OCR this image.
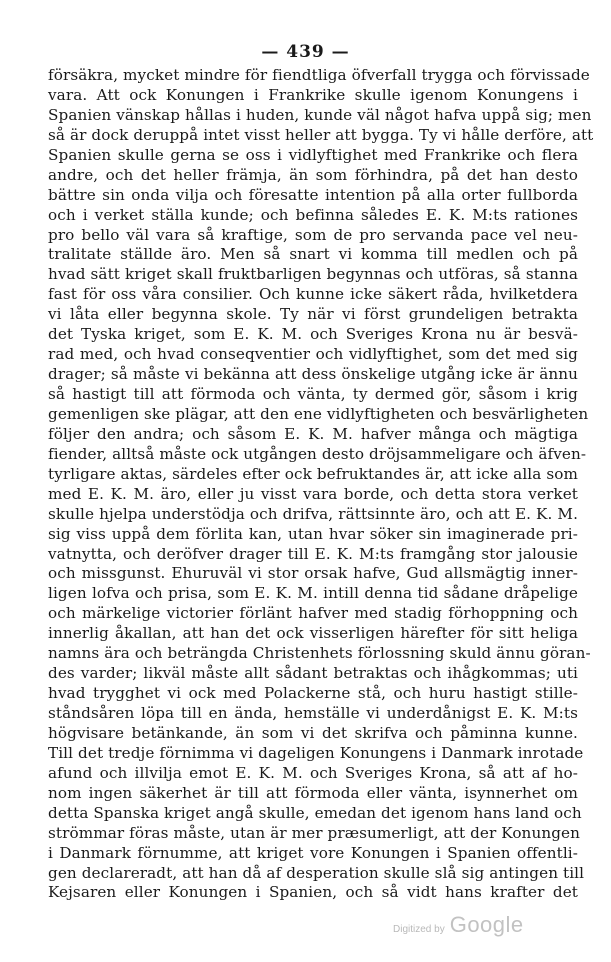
— 439 —
försäkra, mycket mindre för fiendtliga öfverfall trygga och förvissade
vara. Att ock Konungen i Frankrike skulle igenom Konungens i
Spanien vänskap hållas i huden, kunde väl något hafva uppå sig; men
så är dock deruppå intet visst heller att bygga. Ty vi hålle derföre, att
Spanien skulle gerna se oss i vidlyftighet med Frankrike och flera
andre, och det heller främja, än som förhindra, på det han desto
bättre sin onda vilja och föresatte intention på alla orter fullborda
och i verket ställa kunde; och befinna således E. K. M:ts rationes
pro bello väl vara så kraftige, som de pro servanda pace vel neu-
tralitate ställde äro. Men så snart vi komma till medlen och på
hvad sätt kriget skall fruktbarligen begynnas och utföras, så stanna
fast för oss våra consilier. Och kunne icke säkert råda, hvilketdera
vi låta eller begynna skole. Ty när vi först grundeligen betrakta
det Tyska kriget, som E. K. M. och Sveriges Krona nu är besvä-
rad med, och hvad conseqventier och vidlyftighet, som det med sig
drager; så måste vi bekänna att dess önskelige utgång icke är ännu
så hastigt till att förmoda och vänta, ty dermed gör, såsom i krig
gemenligen ske plägar, att den ene vidlyftigheten och besvärligheten
följer den andra; och såsom E. K. M. hafver många och mägtiga
fiender, alltså måste ock utgången desto dröjsammeligare och äfven-
tyrligare aktas, särdeles efter ock befruktandes är, att icke alla som
med E. K. M. äro, eller ju visst vara borde, och detta stora verket
skulle hjelpa understödja och drifva, rättsinnte äro, och att E. K. M.
sig viss uppå dem förlita kan, utan hvar söker sin imaginerade pri-
vatnytta, och deröfver drager till E. K. M:ts framgång stor jalousie
och missgunst. Ehuruväl vi stor orsak hafve, Gud allsmägtig inner-
ligen lofva och prisa, som E. K. M. intill denna tid sådane dråpelige
och märkelige victorier förlänt hafver med stadig förhoppning och
innerlig åkallan, att han det ock visserligen härefter för sitt heliga
namns ära och beträngda Christenhets förlossning skuld ännu göran-
des varder; likväl måste allt sådant betraktas och ihågkommas; uti
hvad trygghet vi ock med Polackerne stå, och huru hastigt stille-
ståndsåren löpa till en ända, hemställe vi underdånigst E. K. M:ts
högvisare betänkande, än som vi det skrifva och påminna kunne.
Till det tredje förnimma vi dageligen Konungens i Danmark inrotade
afund och illvilja emot E. K. M. och Sveriges Krona, så att af ho-
nom ingen säkerhet är till att förmoda eller vänta, isynnerhet om
detta Spanska kriget angå skulle, emedan det igenom hans land och
strömmar föras måste, utan är mer præsumerligt, att der Konungen
i Danmark förnumme, att kriget vore Konungen i Spanien offentli-
gen declareradt, att han då af desperation skulle slå sig antingen till
Kejsaren eller Konungen i Spanien, och så vidt hans krafter det
Digitized by Google
